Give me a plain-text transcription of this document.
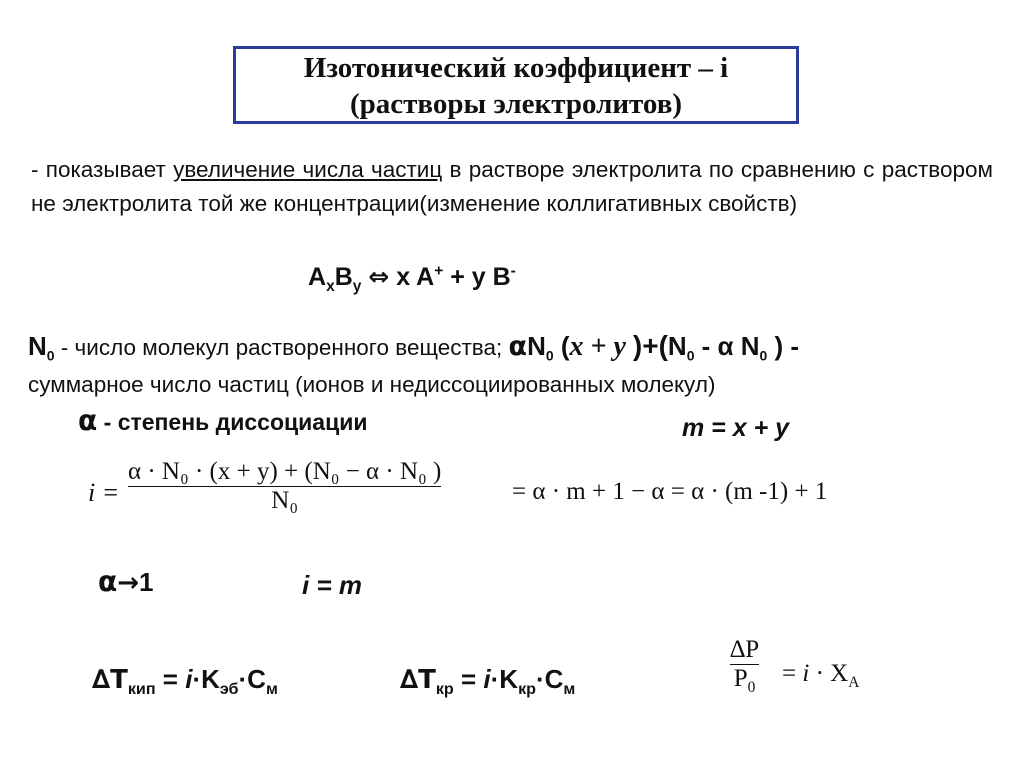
Изотонический коэффициент – i
(растворы электролитов)
- показывает увеличение числа частиц в растворе электролита по сравнению с раствором не электролита той же концентрации(изменение коллигативных свойств)
$A_xB_y$ ⇔ x A+ + y B-
$N_0$ - число молекул растворенного вещества; $\alpha N_0$ (x + y )$+(N_0 - \alpha$ $N_0$ ) -
суммарное число частиц (ионов и недиссоциированных молекул)
α - степень диссоциации	m = x + y
i =
α · N₀ · (x + y) + (N₀ − α · N₀ )
N₀	= α · m + 1 − α = α · (m -1) + 1
α→1	i = m
$\Delta T_{кип} = i\cdot K_{эб}\cdot C_м$	$\Delta T_{кр} = i\cdot K_{кр}\cdot C_м$
∆P
$P_0$
= $i \cdot X_A$
